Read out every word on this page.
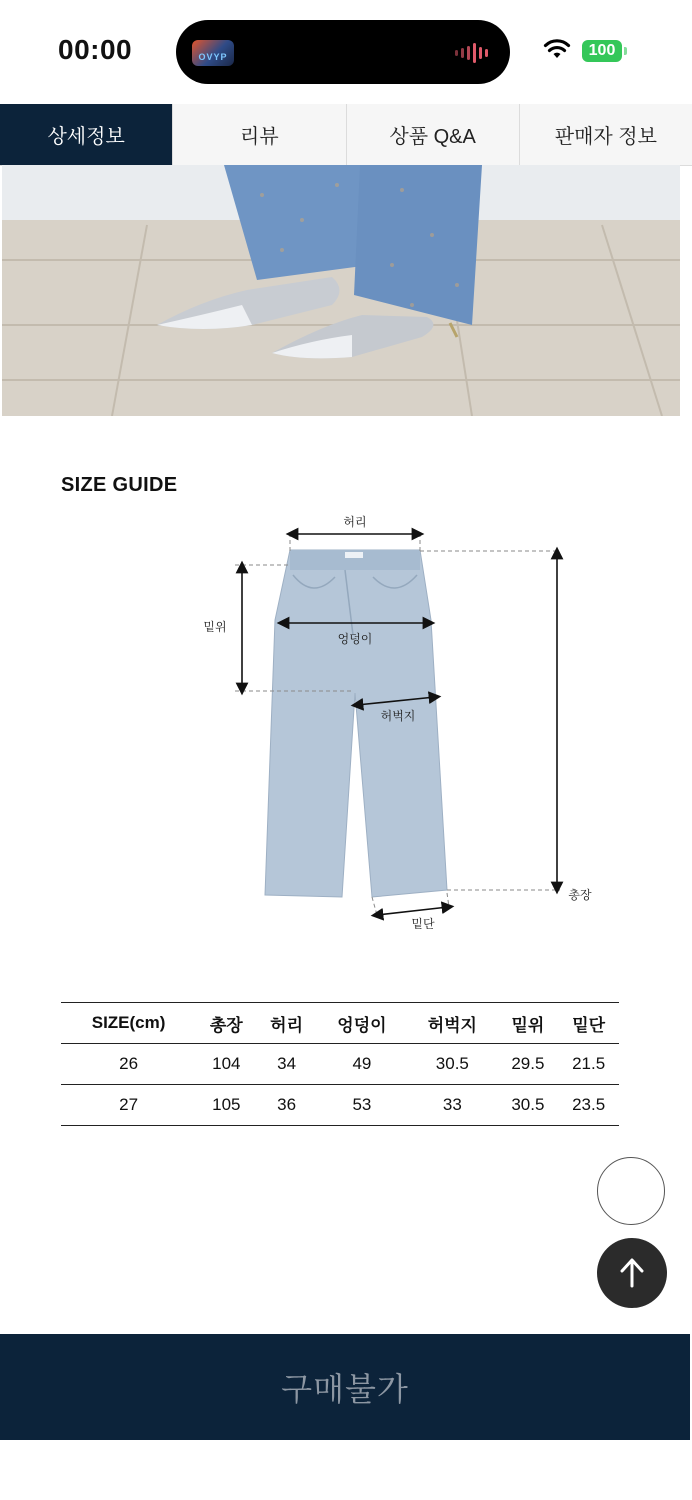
00:00	OVYP	100
상세정보	리뷰	상품 Q&A	판매자 정보
SIZE GUIDE
허리
밑위
엉덩이
허벅지
총장
밑단
SIZE(cm)	총장	허리	엉덩이	허벅지	밑위	밑단
26	104	34	49	30.5	29.5	21.5
27	105	36	53	33	30.5	23.5
구매불가
